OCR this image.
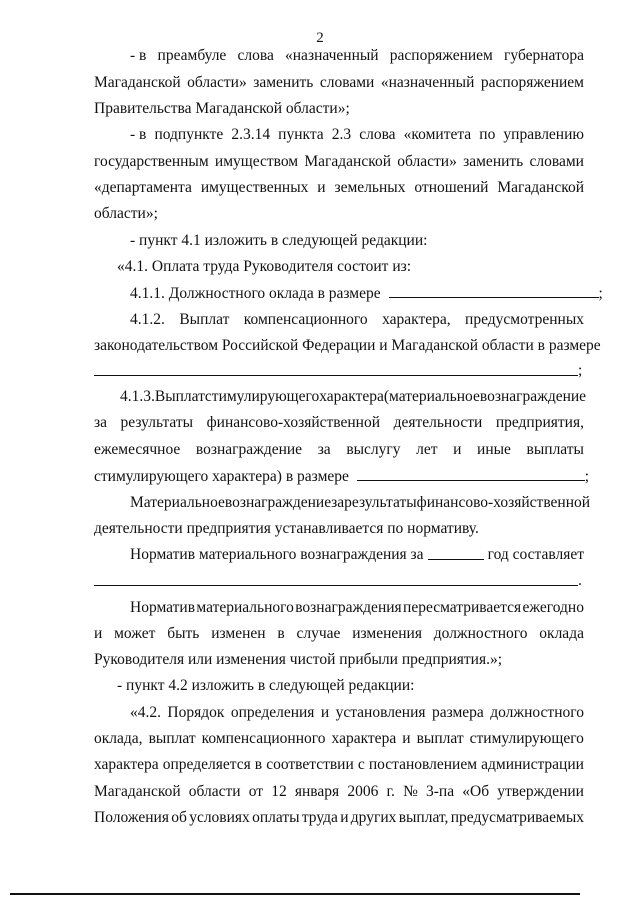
2
- в преамбуле слова «назначенный распоряжением губернатора
Магаданской области» заменить словами «назначенный распоряжением
Правительства Магаданской области»;
- в подпункте 2.3.14 пункта 2.3 слова «комитета по управлению
государственным имуществом Магаданской области» заменить словами
«департамента имущественных и земельных отношений Магаданской
области»;
- пункт 4.1 изложить в следующей редакции:
«4.1. Оплата труда Руководителя состоит из:
4.1.1. Должностного оклада в размере	;
4.1.2. Выплат компенсационного характера, предусмотренных
законодательством Российской Федерации и Магаданской области в размере
;
4.1.3. Выплат стимулирующего характера (материальное вознаграждение
за результаты финансово-хозяйственной деятельности предприятия,
ежемесячное вознаграждение за выслугу лет и иные выплаты
стимулирующего характера) в размере	;
Материальное вознаграждение за результаты финансово-хозяйственной
деятельности предприятия устанавливается по нормативу.
Норматив материального вознаграждения за	год составляет
.
Норматив материального вознаграждения пересматривается ежегодно
и может быть изменен в случае изменения должностного оклада
Руководителя или изменения чистой прибыли предприятия.»;
- пункт 4.2 изложить в следующей редакции:
«4.2. Порядок определения и установления размера должностного
оклада, выплат компенсационного характера и выплат стимулирующего
характера определяется в соответствии с постановлением администрации
Магаданской области от 12 января 2006 г. № 3-па «Об утверждении
Положения об условиях оплаты труда и других выплат, предусматриваемых
